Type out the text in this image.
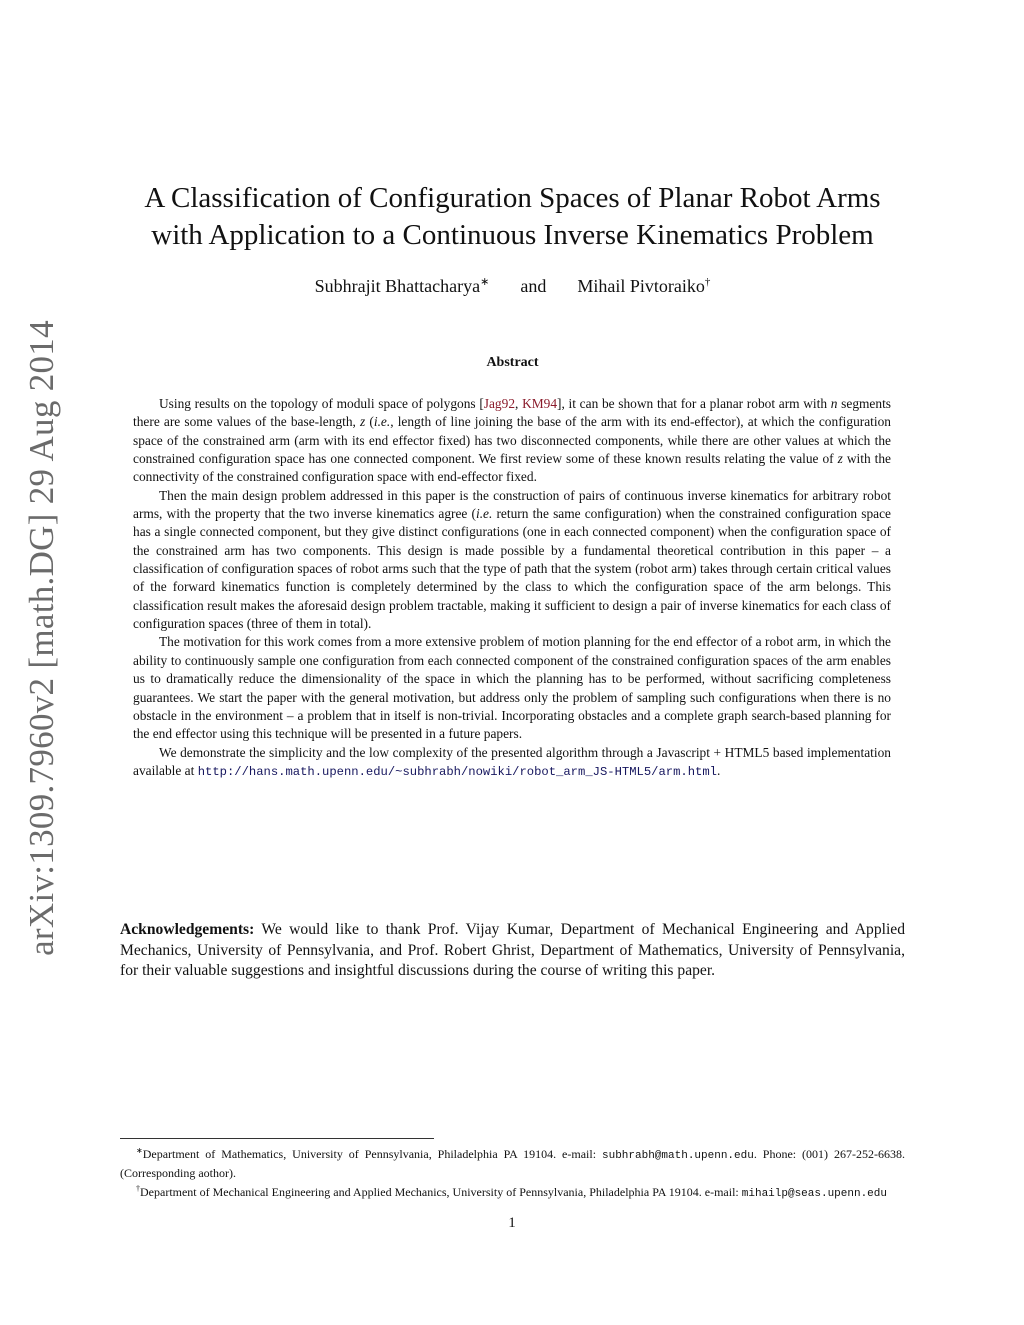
arXiv:1309.7960v2 [math.DG] 29 Aug 2014
A Classification of Configuration Spaces of Planar Robot Arms
with Application to a Continuous Inverse Kinematics Problem
Subhrajit Bhattacharya∗ and Mihail Pivtoraiko†
Abstract

Using results on the topology of moduli space of polygons [Jag92, KM94], it can be shown that for a planar robot arm with n segments there are some values of the base-length, z (i.e., length of line joining the base of the arm with its end-effector), at which the configuration space of the constrained arm (arm with its end effector fixed) has two disconnected components, while there are other values at which the constrained configuration space has one connected component. We first review some of these known results relating the value of z with the connectivity of the constrained configuration space with end-effector fixed.

Then the main design problem addressed in this paper is the construction of pairs of continuous inverse kinematics for arbitrary robot arms, with the property that the two inverse kinematics agree (i.e. return the same configuration) when the constrained configuration space has a single connected component, but they give distinct configurations (one in each connected component) when the configuration space of the constrained arm has two components. This design is made possible by a fundamental theoretical contribution in this paper – a classification of configuration spaces of robot arms such that the type of path that the system (robot arm) takes through certain critical values of the forward kinematics function is completely determined by the class to which the configuration space of the arm belongs. This classification result makes the aforesaid design problem tractable, making it sufficient to design a pair of inverse kinematics for each class of configuration spaces (three of them in total).

The motivation for this work comes from a more extensive problem of motion planning for the end effector of a robot arm, in which the ability to continuously sample one configuration from each connected component of the constrained configuration spaces of the arm enables us to dramatically reduce the dimensionality of the space in which the planning has to be performed, without sacrificing completeness guarantees. We start the paper with the general motivation, but address only the problem of sampling such configurations when there is no obstacle in the environment – a problem that in itself is non-trivial. Incorporating obstacles and a complete graph search-based planning for the end effector using this technique will be presented in a future papers.

We demonstrate the simplicity and the low complexity of the presented algorithm through a Javascript + HTML5 based implementation available at http://hans.math.upenn.edu/~subhrabh/nowiki/robot_arm_JS-HTML5/arm.html.

Acknowledgements: We would like to thank Prof. Vijay Kumar, Department of Mechanical Engineering and Applied Mechanics, University of Pennsylvania, and Prof. Robert Ghrist, Department of Mathematics, University of Pennsylvania, for their valuable suggestions and insightful discussions during the course of writing this paper.

∗Department of Mathematics, University of Pennsylvania, Philadelphia PA 19104. e-mail: subhrabh@math.upenn.edu. Phone: (001) 267-252-6638. (Corresponding aothor).

†Department of Mechanical Engineering and Applied Mechanics, University of Pennsylvania, Philadelphia PA 19104. e-mail: mihailp@seas.upenn.edu

1
